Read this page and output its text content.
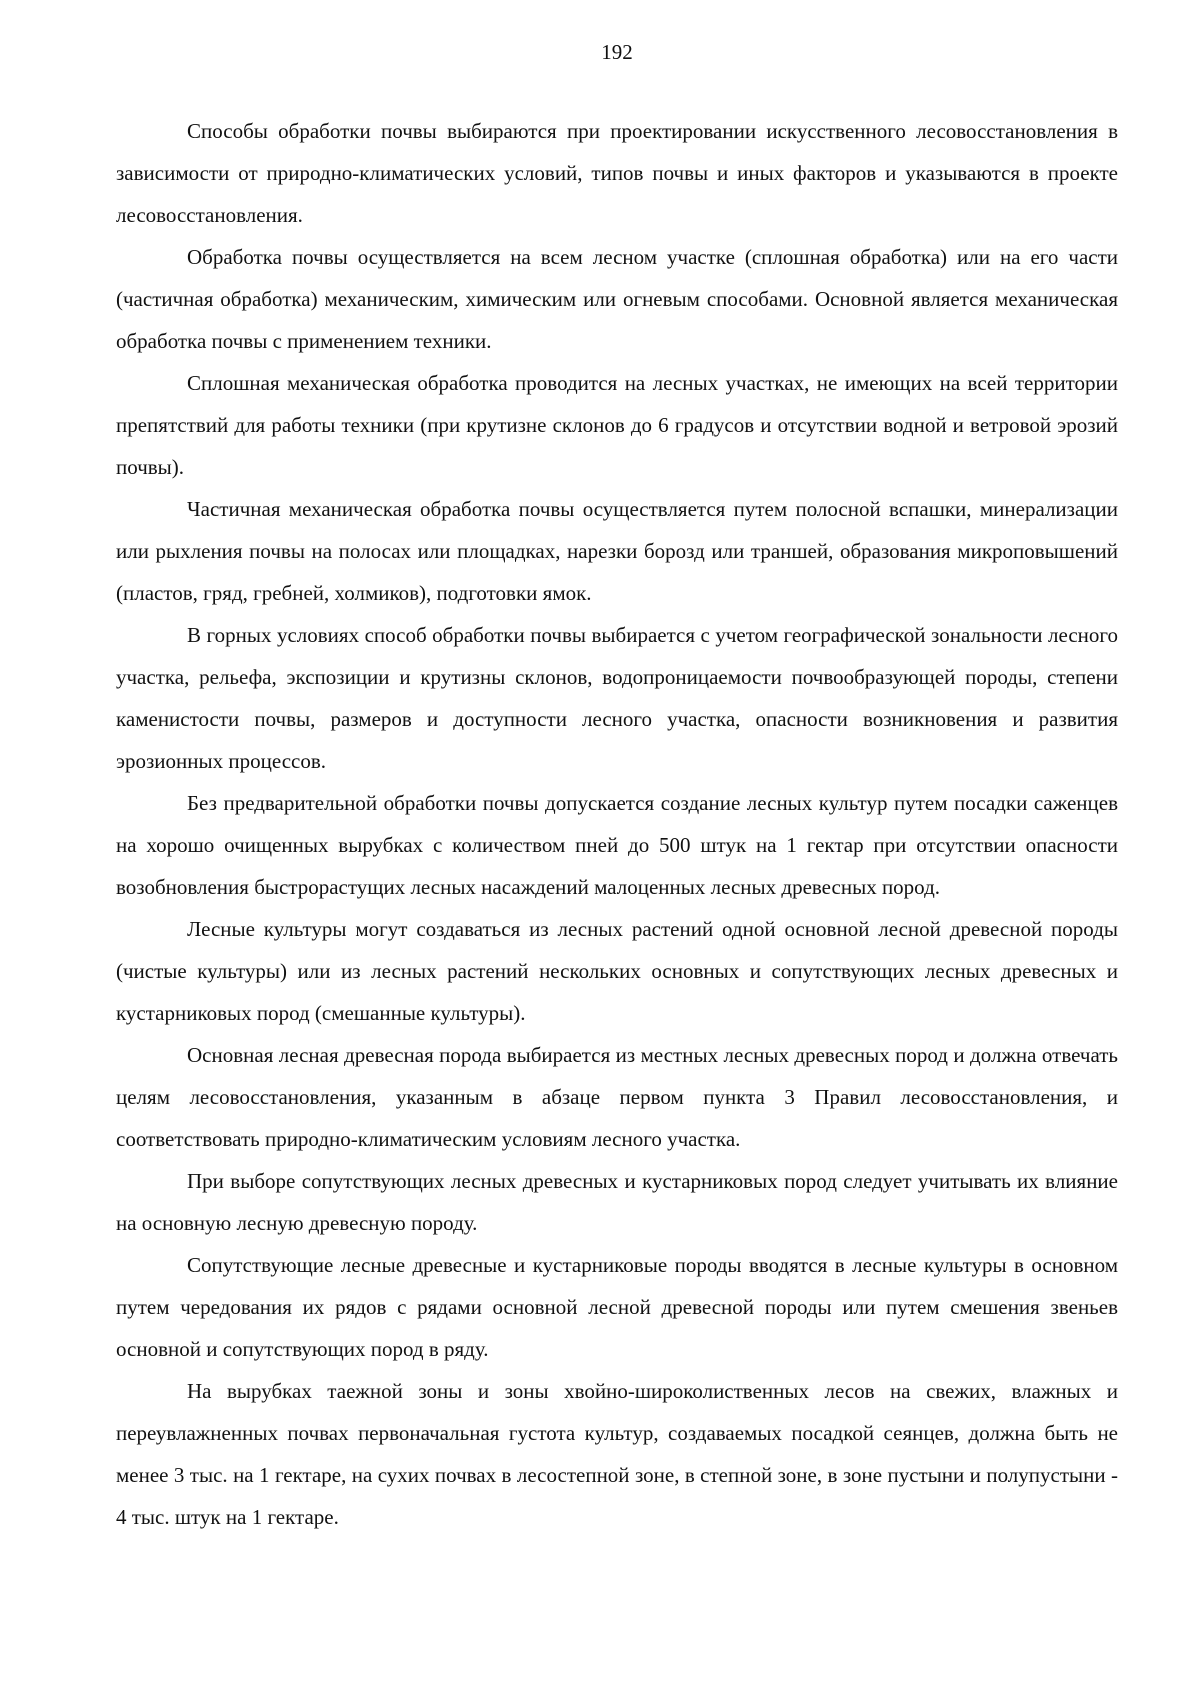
192

Способы обработки почвы выбираются при проектировании искусственного лесовосстановления в зависимости от природно-климатических условий, типов почвы и иных факторов и указываются в проекте лесовосстановления.

Обработка почвы осуществляется на всем лесном участке (сплошная обработка) или на его части (частичная обработка) механическим, химическим или огневым способами. Основной является механическая обработка почвы с применением техники.

Сплошная механическая обработка проводится на лесных участках, не имеющих на всей территории препятствий для работы техники (при крутизне склонов до 6 градусов и отсутствии водной и ветровой эрозий почвы).

Частичная механическая обработка почвы осуществляется путем полосной вспашки, минерализации или рыхления почвы на полосах или площадках, нарезки борозд или траншей, образования микроповышений (пластов, гряд, гребней, холмиков), подготовки ямок.

В горных условиях способ обработки почвы выбирается с учетом географической зональности лесного участка, рельефа, экспозиции и крутизны склонов, водопроницаемости почвообразующей породы, степени каменистости почвы, размеров и доступности лесного участка, опасности возникновения и развития эрозионных процессов.

Без предварительной обработки почвы допускается создание лесных культур путем посадки саженцев на хорошо очищенных вырубках с количеством пней до 500 штук на 1 гектар при отсутствии опасности возобновления быстрорастущих лесных насаждений малоценных лесных древесных пород.

Лесные культуры могут создаваться из лесных растений одной основной лесной древесной породы (чистые культуры) или из лесных растений нескольких основных и сопутствующих лесных древесных и кустарниковых пород (смешанные культуры).

Основная лесная древесная порода выбирается из местных лесных древесных пород и должна отвечать целям лесовосстановления, указанным в абзаце первом пункта 3 Правил лесовосстановления, и соответствовать природно-климатическим условиям лесного участка.

При выборе сопутствующих лесных древесных и кустарниковых пород следует учитывать их влияние на основную лесную древесную породу.

Сопутствующие лесные древесные и кустарниковые породы вводятся в лесные культуры в основном путем чередования их рядов с рядами основной лесной древесной породы или путем смешения звеньев основной и сопутствующих пород в ряду.

На вырубках таежной зоны и зоны хвойно-широколиственных лесов на свежих, влажных и переувлажненных почвах первоначальная густота культур, создаваемых посадкой сеянцев, должна быть не менее 3 тыс. на 1 гектаре, на сухих почвах в лесостепной зоне, в степной зоне, в зоне пустыни и полупустыни - 4 тыс. штук на 1 гектаре.
